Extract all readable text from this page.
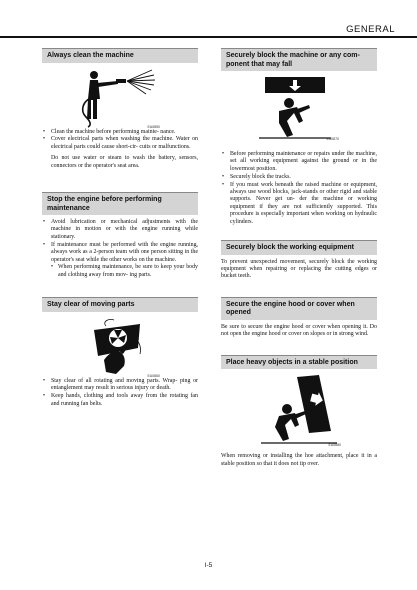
GENERAL
Always clean the machine
EA0850
• Clean the machine before performing mainte- nance.
• Cover electrical parts when washing the machine. Water on electrical parts could cause short-cir- cuits or malfunctions.

Do not use water or steam to wash the battery, sensors, connectors or the operator's seat area.

Stop the engine before performing maintenance
• Avoid lubrication or mechanical adjustments with the machine in motion or with the engine running while stationary.
• If maintenance must be performed with the engine running, always work as a 2-person team with one person sitting in the operator's seat while the other works on the machine.
• When performing maintenance, be sure to keep your body and clothing away from mov- ing parts.
Stay clear of moving parts
EA0860
• Stay clear of all rotating and moving parts. Wrap- ping or entanglement may result in serious injury or death.
• Keep hands, clothing and tools away from the rotating fan and running fan belts.
Securely block the machine or any com- ponent that may fall
EA0870
• Before performing maintenance or repairs under the machine, set all working equipment against the ground or in the lowermost position.
• Securely block the tracks.
• If you must work beneath the raised machine or equipment, always use wood blocks, jack-stands or other rigid and stable supports. Never get un- der the machine or working equipment if they are not sufficiently supported. This procedure is especially important when working on hydraulic cylinders.
Securely block the working equipment

To prevent unexpected movement, securely block the working equipment when repairing or replacing the cutting edges or bucket teeth.

Secure the engine hood or cover when opened

Be sure to secure the engine hood or cover when opening it. Do not open the engine hood or cover on slopes or in strong wind.

Place heavy objects in a stable position
EA0880

When removing or installing the hoe attachment, place it in a stable position so that it does not tip over.

I-5
